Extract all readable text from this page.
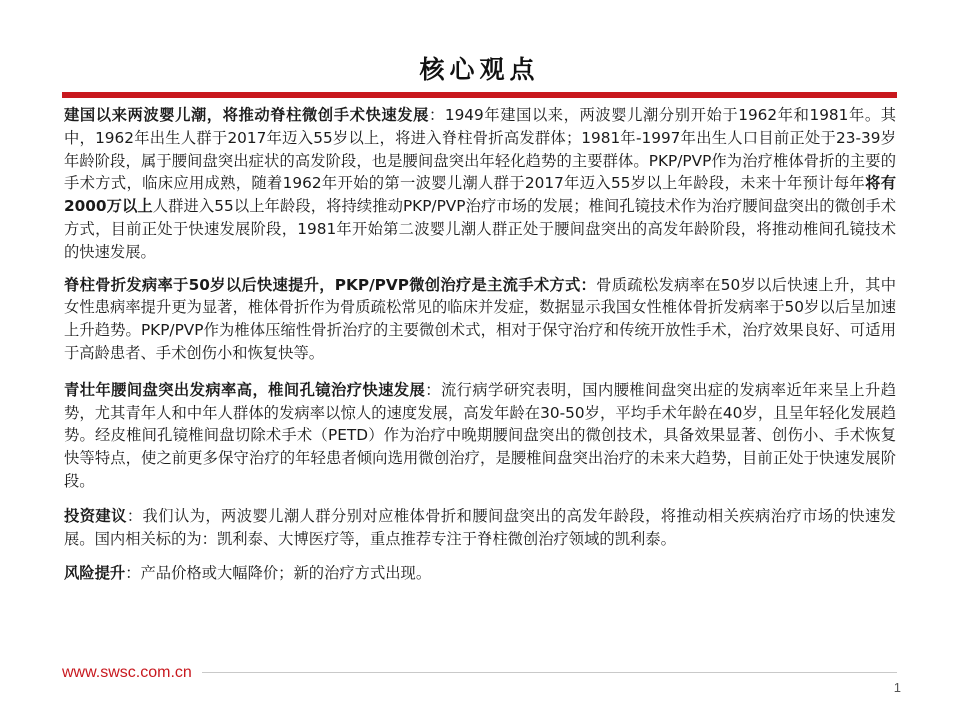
核心观点

建国以来两波婴儿潮，将推动脊柱微创手术快速发展：1949年建国以来，两波婴儿潮分别开始于1962年和1981年。其中，1962年出生人群于2017年迈入55岁以上，将进入脊柱骨折高发群体；1981年-1997年出生人口目前正处于23-39岁年龄阶段，属于腰间盘突出症状的高发阶段，也是腰间盘突出年轻化趋势的主要群体。PKP/PVP作为治疗椎体骨折的主要的手术方式，临床应用成熟，随着1962年开始的第一波婴儿潮人群于2017年迈入55岁以上年龄段，未来十年预计每年将有2000万以上人群进入55以上年龄段，将持续推动PKP/PVP治疗市场的发展；椎间孔镜技术作为治疗腰间盘突出的微创手术方式，目前正处于快速发展阶段，1981年开始第二波婴儿潮人群正处于腰间盘突出的高发年龄阶段，将推动椎间孔镜技术的快速发展。

脊柱骨折发病率于50岁以后快速提升，PKP/PVP微创治疗是主流手术方式：骨质疏松发病率在50岁以后快速上升，其中女性患病率提升更为显著，椎体骨折作为骨质疏松常见的临床并发症，数据显示我国女性椎体骨折发病率于50岁以后呈加速上升趋势。PKP/PVP作为椎体压缩性骨折治疗的主要微创术式，相对于保守治疗和传统开放性手术，治疗效果良好、可适用于高龄患者、手术创伤小和恢复快等。

青壮年腰间盘突出发病率高，椎间孔镜治疗快速发展：流行病学研究表明，国内腰椎间盘突出症的发病率近年来呈上升趋势，尤其青年人和中年人群体的发病率以惊人的速度发展，高发年龄在30-50岁，平均手术年龄在40岁，且呈年轻化发展趋势。经皮椎间孔镜椎间盘切除术手术（PETD）作为治疗中晚期腰间盘突出的微创技术，具备效果显著、创伤小、手术恢复快等特点，使之前更多保守治疗的年轻患者倾向选用微创治疗，是腰椎间盘突出治疗的未来大趋势，目前正处于快速发展阶段。

投资建议：我们认为，两波婴儿潮人群分别对应椎体骨折和腰间盘突出的高发年龄段，将推动相关疾病治疗市场的快速发展。国内相关标的为：凯利泰、大博医疗等，重点推荐专注于脊柱微创治疗领域的凯利泰。

风险提升：产品价格或大幅降价；新的治疗方式出现。

www.swsc.com.cn
1
